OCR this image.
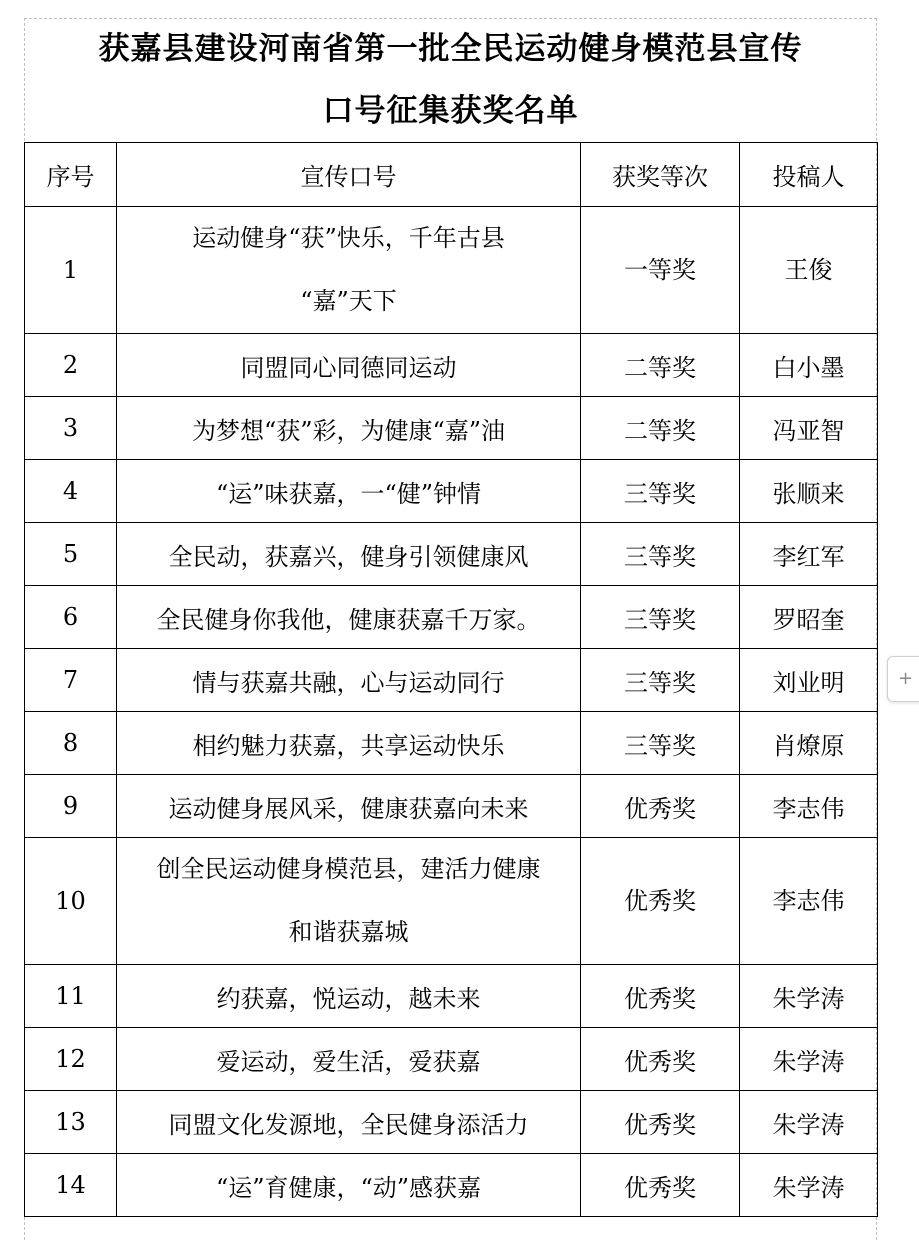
获嘉县建设河南省第一批全民运动健身模范县宣传
口号征集获奖名单
序号	宣传口号	获奖等次	投稿人
1	运动健身“获”快乐，千年古县
“嘉”天下	一等奖	王俊
2	同盟同心同德同运动	二等奖	白小墨
3	为梦想“获”彩，为健康“嘉”油	二等奖	冯亚智
4	“运”味获嘉，一“健”钟情	三等奖	张顺来
5	全民动，获嘉兴，健身引领健康风	三等奖	李红军
6	全民健身你我他，健康获嘉千万家。	三等奖	罗昭奎
7	情与获嘉共融，心与运动同行	三等奖	刘业明
8	相约魅力获嘉，共享运动快乐	三等奖	肖燎原
9	运动健身展风采，健康获嘉向未来	优秀奖	李志伟
10	创全民运动健身模范县，建活力健康
和谐获嘉城	优秀奖	李志伟
11	约获嘉，悦运动，越未来	优秀奖	朱学涛
12	爱运动，爱生活，爱获嘉	优秀奖	朱学涛
13	同盟文化发源地，全民健身添活力	优秀奖	朱学涛
14	“运”育健康，“动”感获嘉	优秀奖	朱学涛
+
